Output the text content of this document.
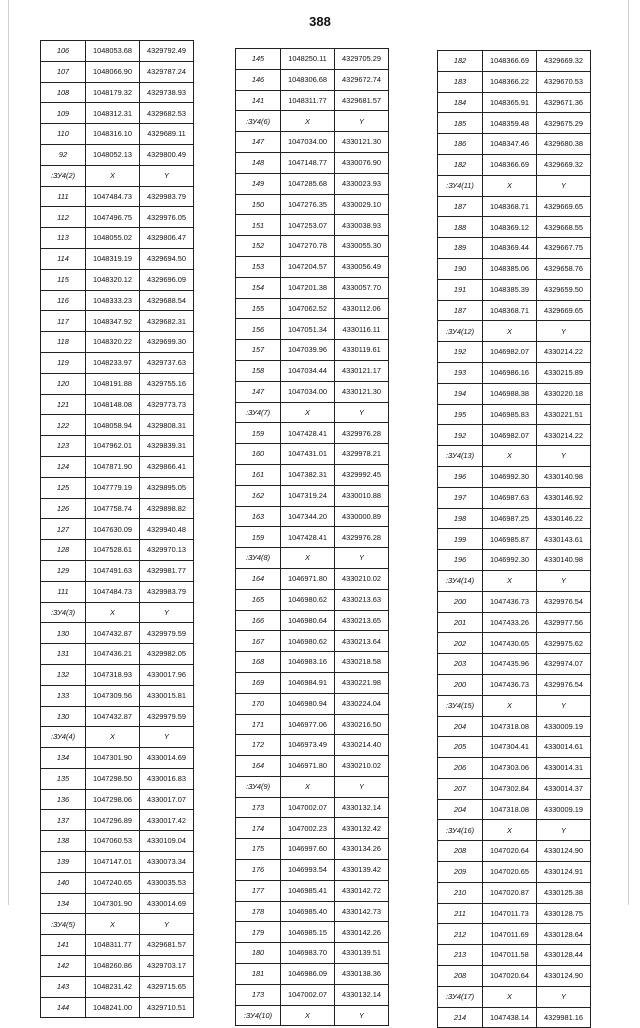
388
106	1048053.68	4329792.49
107	1048066.90	4329787.24
108	1048179.32	4329738.93
109	1048312.31	4329682.53
110	1048316.10	4329689.11
92	1048052.13	4329800.49
:ЗУ4(2)	X	Y
111	1047484.73	4329983.79
112	1047496.75	4329976.05
113	1048055.02	4329806.47
114	1048319.19	4329694.50
115	1048320.12	4329696.09
116	1048333.23	4329688.54
117	1048347.92	4329682.31
118	1048320.22	4329699.30
119	1048233.97	4329737.63
120	1048191.88	4329755.16
121	1048148.08	4329773.73
122	1048058.94	4329808.31
123	1047962.01	4329839.31
124	1047871.90	4329866.41
125	1047779.19	4329895.05
126	1047758.74	4329898.82
127	1047630.09	4329940.48
128	1047528.61	4329970.13
129	1047491.63	4329981.77
111	1047484.73	4329983.79
:ЗУ4(3)	X	Y
130	1047432.87	4329979.59
131	1047436.21	4329982.05
132	1047318.93	4330017.96
133	1047309.56	4330015.81
130	1047432.87	4329979.59
:ЗУ4(4)	X	Y
134	1047301.90	4330014.69
135	1047298.50	4330016.83
136	1047298.06	4330017.07
137	1047296.89	4330017.42
138	1047060.53	4330109.04
139	1047147.01	4330073.34
140	1047240.65	4330035.53
134	1047301.90	4330014.69
:ЗУ4(5)	X	Y
141	1048311.77	4329681.57
142	1048260.86	4329703.17
143	1048231.42	4329715.65
144	1048241.00	4329710.51
145	1048250.11	4329705.29
146	1048306.68	4329672.74
141	1048311.77	4329681.57
:ЗУ4(6)	X	Y
147	1047034.00	4330121.30
148	1047148.77	4330076.90
149	1047285.68	4330023.93
150	1047276.35	4330029.10
151	1047253.07	4330038.93
152	1047270.78	4330055.30
153	1047204.57	4330056.49
154	1047201.38	4330057.70
155	1047062.52	4330112.06
156	1047051.34	4330116.11
157	1047039.96	4330119.61
158	1047034.44	4330121.17
147	1047034.00	4330121.30
:ЗУ4(7)	X	Y
159	1047428.41	4329976.28
160	1047431.01	4329978.21
161	1047382.31	4329992.45
162	1047319.24	4330010.88
163	1047344.20	4330000.89
159	1047428.41	4329976.28
:ЗУ4(8)	X	Y
164	1046971.80	4330210.02
165	1046980.62	4330213.63
166	1046980.64	4330213.65
167	1046980.62	4330213.64
168	1046983.16	4330218.58
169	1046984.91	4330221.98
170	1046980.94	4330224.04
171	1046977.06	4330216.50
172	1046973.49	4330214.40
164	1046971.80	4330210.02
:ЗУ4(9)	X	Y
173	1047002.07	4330132.14
174	1047002.23	4330132.42
175	1046997.60	4330134.26
176	1046993.54	4330139.42
177	1046985.41	4330142.72
178	1046985.40	4330142.73
179	1046985.15	4330142.26
180	1046983.70	4330139.51
181	1046986.09	4330138.36
173	1047002.07	4330132.14
:ЗУ4(10)	X	Y
182	1048366.69	4329669.32
183	1048366.22	4329670.53
184	1048365.91	4329671.36
185	1048359.48	4329675.29
186	1048347.46	4329680.38
182	1048366.69	4329669.32
:ЗУ4(11)	X	Y
187	1048368.71	4329669.65
188	1048369.12	4329668.55
189	1048369.44	4329667.75
190	1048385.06	4329658.76
191	1048385.39	4329659.50
187	1048368.71	4329669.65
:ЗУ4(12)	X	Y
192	1046982.07	4330214.22
193	1046986.16	4330215.89
194	1046988.38	4330220.18
195	1046985.83	4330221.51
192	1046982.07	4330214.22
:ЗУ4(13)	X	Y
196	1046992.30	4330140.98
197	1046987.63	4330146.92
198	1046987.25	4330146.22
199	1046985.87	4330143.61
196	1046992.30	4330140.98
:ЗУ4(14)	X	Y
200	1047436.73	4329976.54
201	1047433.26	4329977.56
202	1047430.65	4329975.62
203	1047435.96	4329974.07
200	1047436.73	4329976.54
:ЗУ4(15)	X	Y
204	1047318.08	4330009.19
205	1047304.41	4330014.61
206	1047303.06	4330014.31
207	1047302.84	4330014.37
204	1047318.08	4330009.19
:ЗУ4(16)	X	Y
208	1047020.64	4330124.90
209	1047020.65	4330124.91
210	1047020.87	4330125.38
211	1047011.73	4330128.75
212	1047011.69	4330128.64
213	1047011.58	4330128.44
208	1047020.64	4330124.90
:ЗУ4(17)	X	Y
214	1047438.14	4329981.16
